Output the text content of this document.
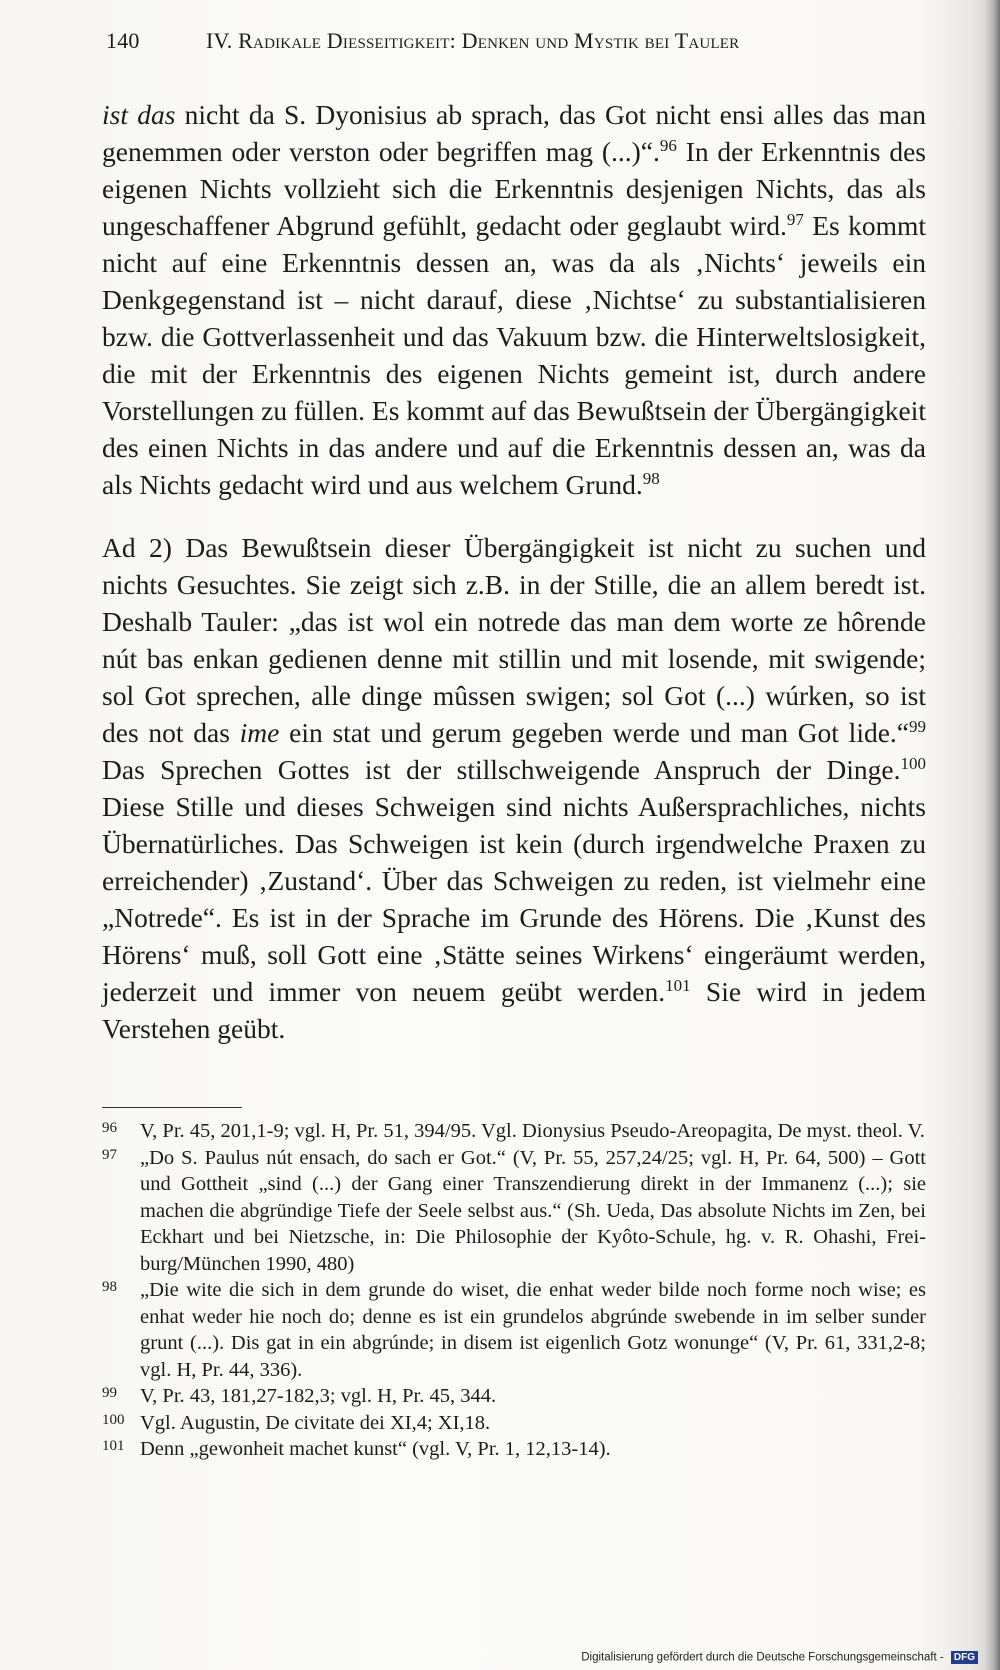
140	IV. Radikale Diesseitigkeit: Denken und Mystik bei Tauler

ist das nicht da S. Dyonisius ab sprach, das Got nicht ensi alles das man genemmen oder verston oder begriffen mag (...)“.$^{96}$ In der Erkenntnis des eigenen Nichts vollzieht sich die Erkenntnis desjenigen Nichts, das als ungeschaffener Abgrund gefühlt, gedacht oder geglaubt wird.$^{97}$ Es kommt nicht auf eine Erkenntnis dessen an, was da als ‚Nichts‘ jeweils ein Denkgegenstand ist – nicht darauf, diese ‚Nichtse‘ zu substantialisieren bzw. die Gottverlassenheit und das Vakuum bzw. die Hinterweltslosigkeit, die mit der Erkenntnis des eigenen Nichts gemeint ist, durch andere Vorstellungen zu füllen. Es kommt auf das Bewußtsein der Übergängigkeit des einen Nichts in das andere und auf die Erkenntnis dessen an, was da als Nichts gedacht wird und aus welchem Grund.$^{98}$

Ad 2) Das Bewußtsein dieser Übergängigkeit ist nicht zu suchen und nichts Gesuchtes. Sie zeigt sich z.B. in der Stille, die an allem beredt ist. Deshalb Tauler: „das ist wol ein notrede das man dem worte ze hôrende nút bas enkan gedienen denne mit stillin und mit losende, mit swigende; sol Got sprechen, alle dinge mûssen swigen; sol Got (...) wúrken, so ist des not das ime ein stat und gerum gegeben werde und man Got lide.“$^{99}$ Das Sprechen Gottes ist der stillschweigende Anspruch der Dinge.$^{100}$ Diese Stille und dieses Schweigen sind nichts Außersprachliches, nichts Übernatürliches. Das Schweigen ist kein (durch irgendwelche Praxen zu erreichender) ‚Zustand‘. Über das Schweigen zu reden, ist vielmehr eine „Notrede“. Es ist in der Sprache im Grunde des Hörens. Die ‚Kunst des Hörens‘ muß, soll Gott eine ‚Stätte seines Wirkens‘ eingeräumt werden, jederzeit und immer von neuem geübt werden.$^{101}$ Sie wird in jedem Verstehen geübt.

96 V, Pr. 45, 201,1-9; vgl. H, Pr. 51, 394/95. Vgl. Dionysius Pseudo-Areopagita, De myst. theol. V.

97 „Do S. Paulus nút ensach, do sach er Got.“ (V, Pr. 55, 257,24/25; vgl. H, Pr. 64, 500) – Gott und Gottheit „sind (...) der Gang einer Transzendierung direkt in der Immanenz (...); sie machen die abgründige Tiefe der Seele selbst aus.“ (Sh. Ueda, Das absolute Nichts im Zen, bei Eckhart und bei Nietzsche, in: Die Philosophie der Kyôto-Schule, hg. v. R. Ohashi, Freiburg/München 1990, 480)

98 „Die wite die sich in dem grunde do wiset, die enhat weder bilde noch forme noch wise; es enhat weder hie noch do; denne es ist ein grundelos abgrúnde swebende in im selber sunder grunt (...). Dis gat in ein abgrúnde; in disem ist eigenlich Gotz wonunge“ (V, Pr. 61, 331,2-8; vgl. H, Pr. 44, 336).

99 V, Pr. 43, 181,27-182,3; vgl. H, Pr. 45, 344.

100 Vgl. Augustin, De civitate dei XI,4; XI,18.

101 Denn „gewonheit machet kunst“ (vgl. V, Pr. 1, 12,13-14).

Digitalisierung gefördert durch die Deutsche Forschungsgemeinschaft - DFG
